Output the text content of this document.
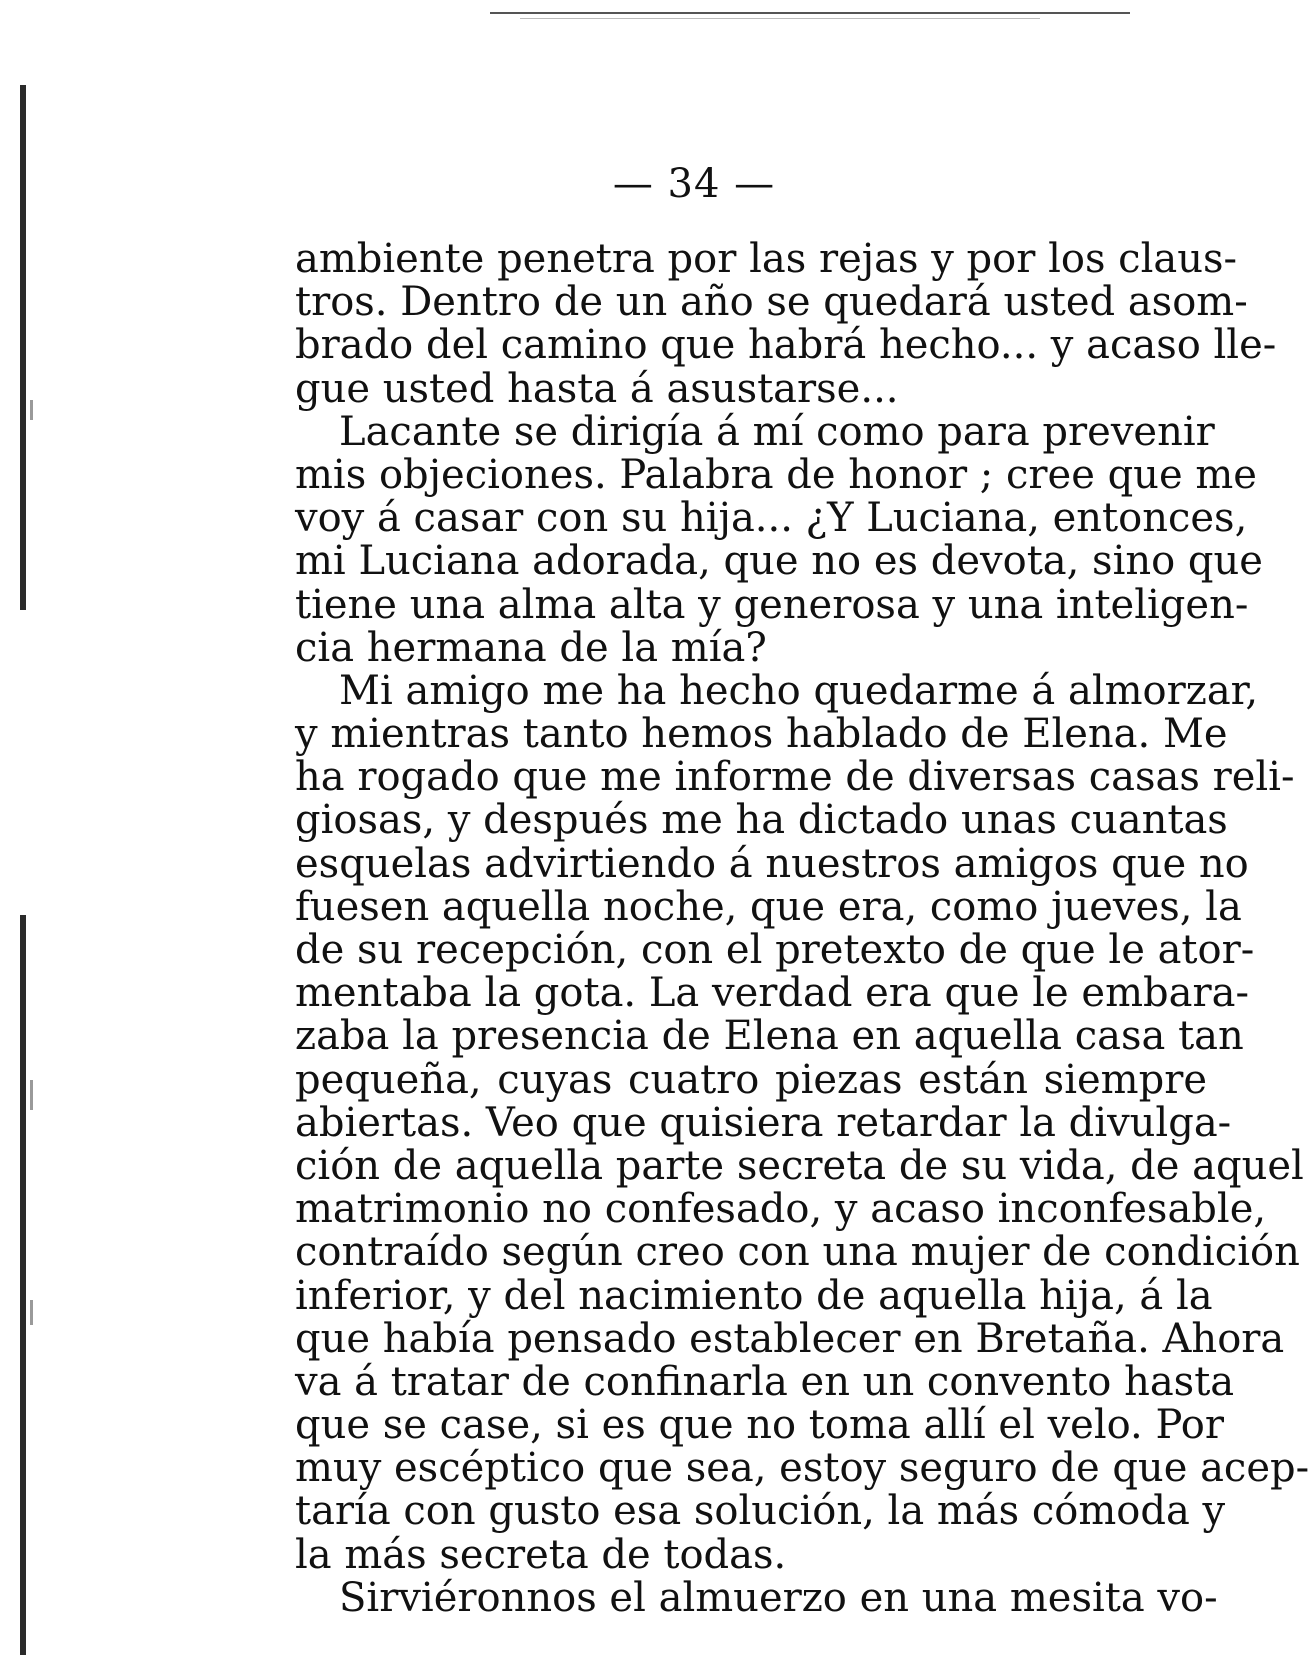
— 34 —
ambiente penetra por las rejas y por los claus-
tros. Dentro de un año se quedará usted asom-
brado del camino que habrá hecho... y acaso lle-
gue usted hasta á asustarse...
Lacante se dirigía á mí como para prevenir
mis objeciones. Palabra de honor ; cree que me
voy á casar con su hija... ¿Y Luciana, entonces,
mi Luciana adorada, que no es devota, sino que
tiene una alma alta y generosa y una inteligen-
cia hermana de la mía?
Mi amigo me ha hecho quedarme á almorzar,
y mientras tanto hemos hablado de Elena. Me
ha rogado que me informe de diversas casas reli-
giosas, y después me ha dictado unas cuantas
esquelas advirtiendo á nuestros amigos que no
fuesen aquella noche, que era, como jueves, la
de su recepción, con el pretexto de que le ator-
mentaba la gota. La verdad era que le embara-
zaba la presencia de Elena en aquella casa tan
pequeña, cuyas cuatro piezas están siempre
abiertas. Veo que quisiera retardar la divulga-
ción de aquella parte secreta de su vida, de aquel
matrimonio no confesado, y acaso inconfesable,
contraído según creo con una mujer de condición
inferior, y del nacimiento de aquella hija, á la
que había pensado establecer en Bretaña. Ahora
va á tratar de confinarla en un convento hasta
que se case, si es que no toma allí el velo. Por
muy escéptico que sea, estoy seguro de que acep-
taría con gusto esa solución, la más cómoda y
la más secreta de todas.
Sirviéronnos el almuerzo en una mesita vo-
